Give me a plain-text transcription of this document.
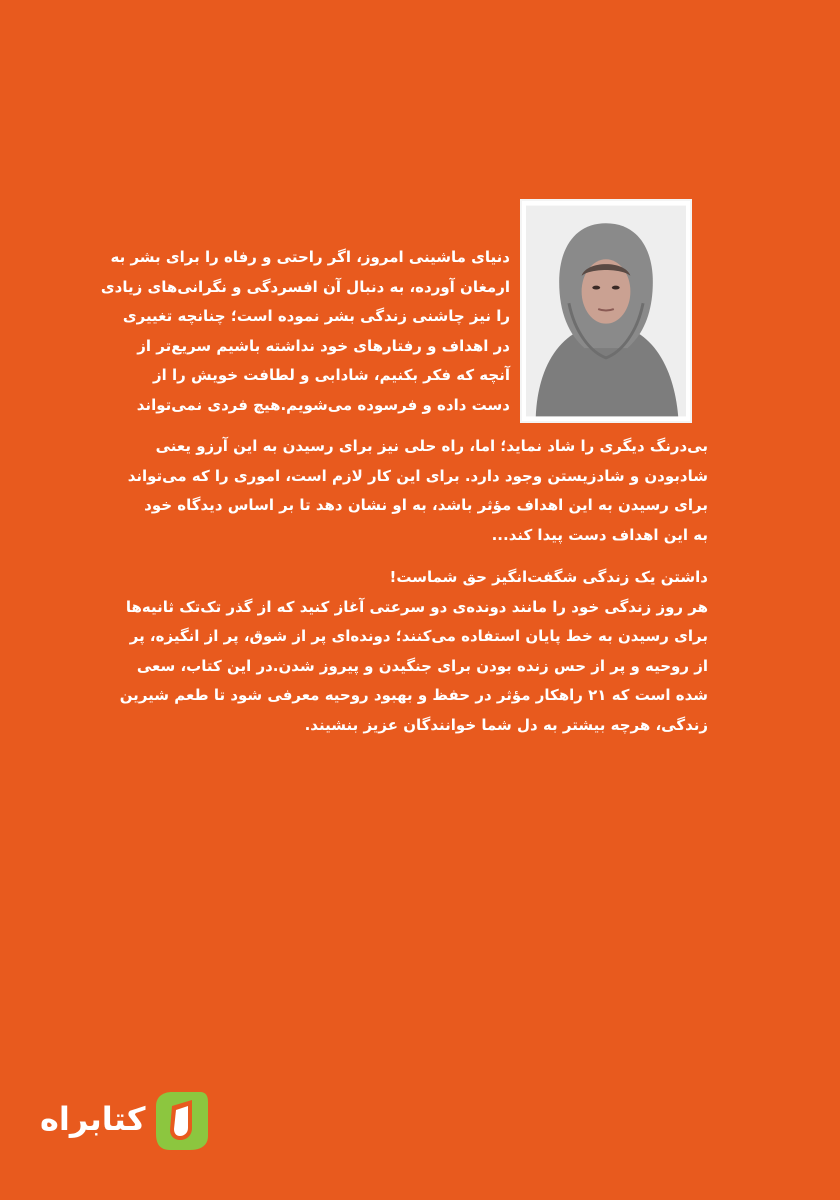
دنیای ماشینی امروز، اگر راحتی و رفاه را برای بشر به
ارمغان آورده، به دنبال آن افسردگی و نگرانی‌های زیادی
را نیز چاشنی زندگی بشر نموده است؛ چنانچه تغییری
در اهداف و رفتارهای خود نداشته باشیم سریع‌تر از
آنچه که فکر بکنیم، شادابی و لطافت خویش را از
دست داده و فرسوده می‌شویم.هیچ فردی نمی‌تواند

بی‌درنگ دیگری را شاد نماید؛ اما، راه حلی نیز برای رسیدن به این آرزو یعنی
شادبودن و شادزیستن وجود دارد. برای این کار لازم است، اموری را که می‌تواند
برای رسیدن به این اهداف مؤثر باشد، به او نشان دهد تا بر اساس دیدگاه خود
به این اهداف دست پیدا کند...

داشتن یک زندگی شگفت‌انگیز حق شماست!
هر روز زندگی خود را مانند دونده‌ی دو سرعتی آغاز کنید که از گذر تک‌تک ثانیه‌ها
برای رسیدن به خط پایان استفاده می‌کنند؛ دونده‌ای پر از شوق، پر از انگیزه، پر
از روحیه و پر از حس زنده بودن برای جنگیدن و پیروز شدن.در این کتاب، سعی
شده است که ۲۱ راهکار مؤثر در حفظ و بهبود روحیه معرفی شود تا طعم شیرین
زندگی، هرچه بیشتر به دل شما خوانندگان عزیز بنشیند.

کتابراه
